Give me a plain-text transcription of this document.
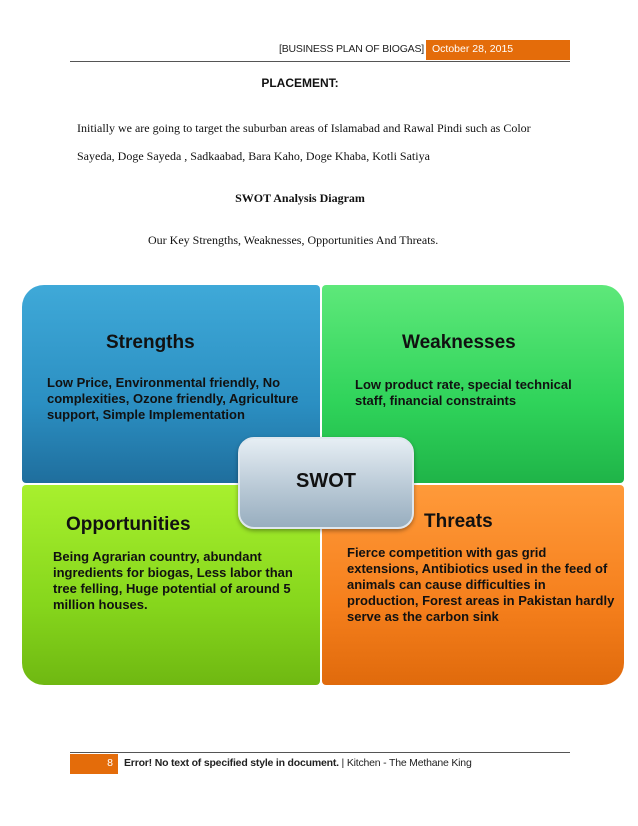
[BUSINESS PLAN OF BIOGAS] October 28, 2015
PLACEMENT:
Initially we are going to target the suburban areas of Islamabad and Rawal Pindi such as Color
Sayeda, Doge Sayeda , Sadkaabad, Bara Kaho, Doge Khaba, Kotli Satiya
SWOT Analysis Diagram
Our Key Strengths, Weaknesses, Opportunities And Threats.
Strengths
Low Price, Environmental friendly, No complexities, Ozone friendly, Agriculture support, Simple Implementation
Weaknesses
Low product rate, special technical staff, financial constraints
Opportunities
Being Agrarian country, abundant ingredients for biogas, Less labor than tree felling, Huge potential of around 5 million houses.
Threats
Fierce competition with gas grid extensions, Antibiotics used in the feed of animals can cause difficulties in production, Forest areas in Pakistan hardly serve as the carbon sink
SWOT
8	Error! No text of specified style in document. | Kitchen - The Methane King
